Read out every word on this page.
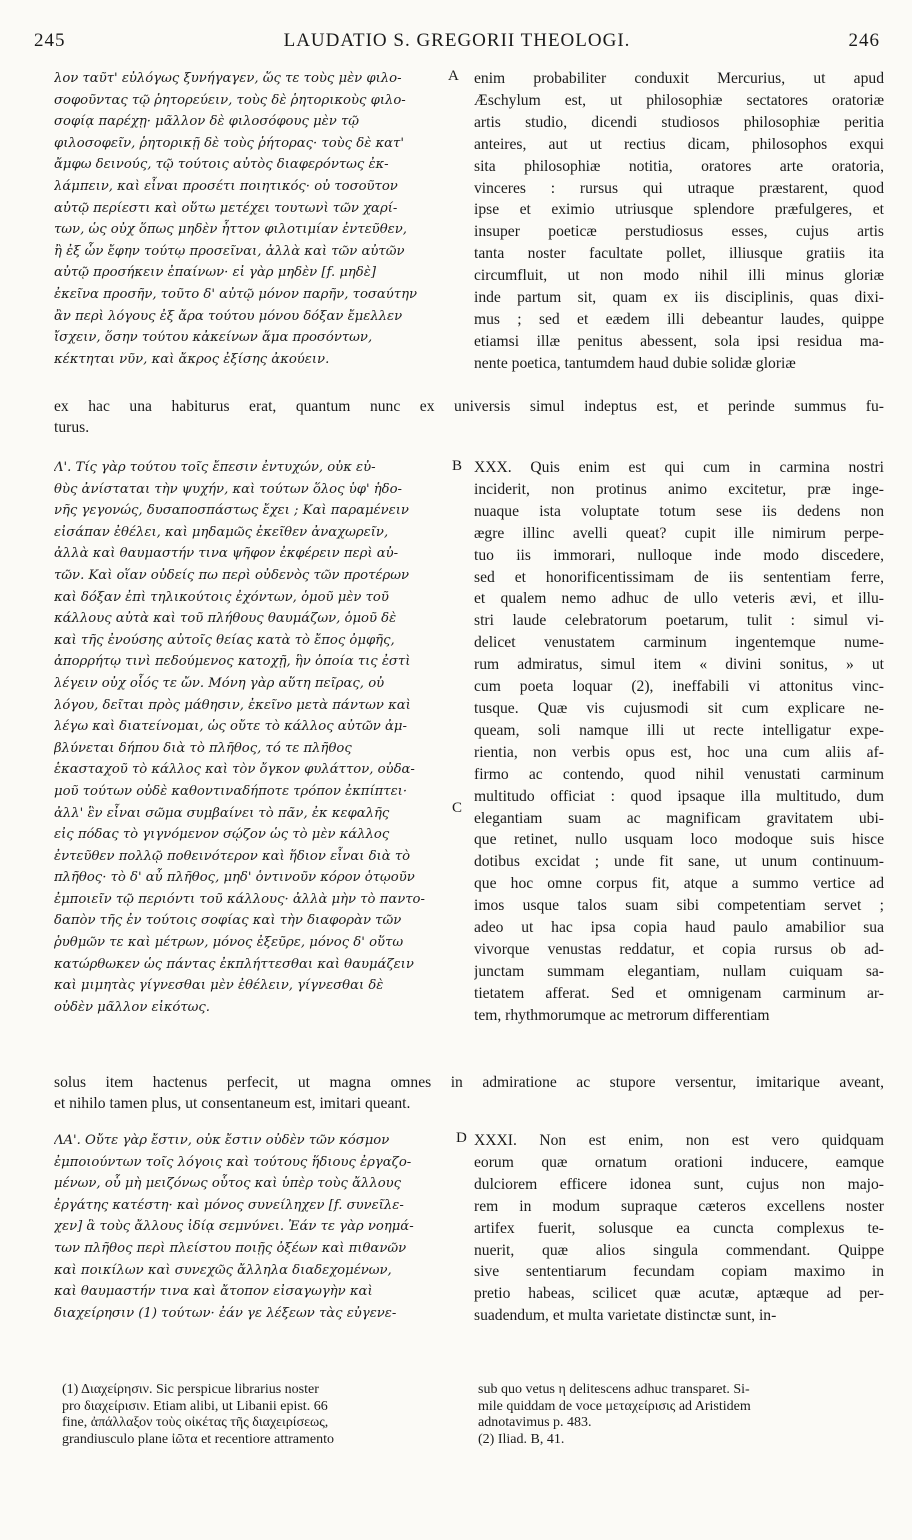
245	LAUDATIO S. GREGORII THEOLOGI.	246
λον ταῦτ' εὐλόγως ξυνήγαγεν, ὥς τε τοὺς μὲν φιλο-
σοφοῦντας τῷ ῥητορεύειν, τοὺς δὲ ῥητορικοὺς φιλο-
σοφίᾳ παρέχῃ· μᾶλλον δὲ φιλοσόφους μὲν τῷ
φιλοσοφεῖν, ῥητορικῇ δὲ τοὺς ῥήτορας· τοὺς δὲ κατ'
ἄμφω δεινούς, τῷ τούτοις αὐτὸς διαφερόντως ἐκ-
λάμπειν, καὶ εἶναι προσέτι ποιητικός· οὐ τοσοῦτον
αὐτῷ περίεστι καὶ οὕτω μετέχει τουτωνὶ τῶν χαρί-
των, ὡς οὐχ ὅπως μηδὲν ἧττον φιλοτιμίαν ἐντεῦθεν,
ἢ ἐξ ὧν ἔφην τούτῳ προσεῖναι, ἀλλὰ καὶ τῶν αὐτῶν
αὐτῷ προσήκειν ἐπαίνων· εἰ γὰρ μηδὲν [f. μηδὲ]
ἐκεῖνα προσῆν, τοῦτο δ' αὐτῷ μόνον παρῆν, τοσαύτην
ἂν περὶ λόγους ἐξ ἄρα τούτου μόνου δόξαν ἔμελλεν
ἴσχειν, ὅσην τούτου κἀκείνων ἅμα προσόντων,
κέκτηται νῦν, καὶ ἄκρος ἐξίσης ἀκούειν.
A enim probabiliter conduxit Mercurius, ut apud
Æschylum est, ut philosophiæ sectatores oratoriæ
artis studio, dicendi studiosos philosophiæ peritia
anteires, aut ut rectius dicam, philosophos exqui
sita philosophiæ notitia, oratores arte oratoria,
vinceres : rursus qui utraque præstarent, quod
ipse et eximio utriusque splendore præfulgeres, et
insuper poeticæ perstudiosus esses, cujus artis
tanta noster facultate pollet, illiusque gratiis ita
circumfluit, ut non modo nihil illi minus gloriæ
inde partum sit, quam ex iis disciplinis, quas dixi-
mus ; sed et eædem illi debeantur laudes, quippe
etiamsi illæ penitus abessent, sola ipsi residua ma-
nente poetica, tantumdem haud dubie solidæ gloriæ
ex hac una habiturus erat, quantum nunc ex universis simul indeptus est, et perinde summus fu-
turus.
Λ'. Τίς γὰρ τούτου τοῖς ἔπεσιν ἐντυχών, οὐκ εὐ-
θὺς ἀνίσταται τὴν ψυχήν, καὶ τούτων ὅλος ὑφ' ἡδο-
νῆς γεγονώς, δυσαποσπάστως ἔχει ; Καὶ παραμένειν
εἰσάπαν ἐθέλει, καὶ μηδαμῶς ἐκεῖθεν ἀναχωρεῖν,
ἀλλὰ καὶ θαυμαστήν τινα ψῆφον ἐκφέρειν περὶ αὐ-
τῶν. Καὶ οἵαν οὐδείς πω περὶ οὐδενὸς τῶν προτέρων
καὶ δόξαν ἐπὶ τηλικούτοις ἐχόντων, ὁμοῦ μὲν τοῦ
κάλλους αὐτὰ καὶ τοῦ πλήθους θαυμάζων, ὁμοῦ δὲ
καὶ τῆς ἐνούσης αὐτοῖς θείας κατὰ τὸ ἔπος ὀμφῆς,
ἀπορρήτῳ τινὶ πεδούμενος κατοχῇ, ἣν ὁποία τις ἐστὶ
λέγειν οὐχ οἷός τε ὤν. Μόνη γὰρ αὕτη πεῖρας, οὐ
λόγου, δεῖται πρὸς μάθησιν, ἐκεῖνο μετὰ πάντων καὶ
λέγω καὶ διατείνομαι, ὡς οὔτε τὸ κάλλος αὐτῶν ἀμ-
βλύνεται δήπου διὰ τὸ πλῆθος, τό τε πλῆθος
ἑκασταχοῦ τὸ κάλλος καὶ τὸν ὄγκον φυλάττον, οὐδα-
μοῦ τούτων οὐδὲ καθοντιναδήποτε τρόπον ἐκπίπτει·
ἀλλ' ἓν εἶναι σῶμα συμβαίνει τὸ πᾶν, ἐκ κεφαλῆς
εἰς πόδας τὸ γιγνόμενον σῴζον ὡς τὸ μὲν κάλλος
ἐντεῦθεν πολλῷ ποθεινότερον καὶ ἥδιον εἶναι διὰ τὸ
πλῆθος· τὸ δ' αὖ πλῆθος, μηδ' ὁντινοῦν κόρον ὁτῳοῦν
ἐμποιεῖν τῷ περιόντι τοῦ κάλλους· ἀλλὰ μὴν τὸ παντο-
δαπὸν τῆς ἐν τούτοις σοφίας καὶ τὴν διαφορὰν τῶν
ῥυθμῶν τε καὶ μέτρων, μόνος ἐξεῦρε, μόνος δ' οὕτω
κατώρθωκεν ὡς πάντας ἐκπλήττεσθαι καὶ θαυμάζειν
καὶ μιμητὰς γίγνεσθαι μὲν ἐθέλειν, γίγνεσθαι δὲ
οὐδὲν μᾶλλον εἰκότως.
B
C
XXX. Quis enim est qui cum in carmina nostri
inciderit, non protinus animo excitetur, præ inge-
nuaque ista voluptate totum sese iis dedens non
ægre illinc avelli queat? cupit ille nimirum perpe-
tuo iis immorari, nulloque inde modo discedere,
sed et honorificentissimam de iis sententiam ferre,
et qualem nemo adhuc de ullo veteris ævi, et illu-
stri laude celebratorum poetarum, tulit : simul vi-
delicet venustatem carminum ingentemque nume-
rum admiratus, simul item « divini sonitus, » ut
cum poeta loquar (2), ineffabili vi attonitus vinc-
tusque. Quæ vis cujusmodi sit cum explicare ne-
queam, soli namque illi ut recte intelligatur expe-
rientia, non verbis opus est, hoc una cum aliis af-
firmo ac contendo, quod nihil venustati carminum
multitudo officiat : quod ipsaque illa multitudo, dum
elegantiam suam ac magnificam gravitatem ubi-
que retinet, nullo usquam loco modoque suis hisce
dotibus excidat ; unde fit sane, ut unum continuum-
que hoc omne corpus fit, atque a summo vertice ad
imos usque talos suam sibi competentiam servet ;
adeo ut hac ipsa copia haud paulo amabilior sua
vivorque venustas reddatur, et copia rursus ob ad-
junctam summam elegantiam, nullam cuiquam sa-
tietatem afferat. Sed et omnigenam carminum ar-
tem, rhythmorumque ac metrorum differentiam
solus item hactenus perfecit, ut magna omnes in admiratione ac stupore versentur, imitarique aveant,
et nihilo tamen plus, ut consentaneum est, imitari queant.
ΛΑ'. Οὔτε γὰρ ἔστιν, οὐκ ἔστιν οὐδὲν τῶν κόσμον
ἐμποιούντων τοῖς λόγοις καὶ τούτους ἥδιους ἐργαζο-
μένων, οὗ μὴ μειζόνως οὗτος καὶ ὑπὲρ τοὺς ἄλλους
ἐργάτης κατέστη· καὶ μόνος συνείληχεν [f. συνεῖλε-
χεν] ἃ τοὺς ἄλλους ἰδίᾳ σεμνύνει. Ἐάν τε γὰρ νοημά-
των πλῆθος περὶ πλείστου ποιῇς ὀξέων καὶ πιθανῶν
καὶ ποικίλων καὶ συνεχῶς ἄλληλα διαδεχομένων,
καὶ θαυμαστήν τινα καὶ ἄτοπον εἰσαγωγὴν καὶ
διαχείρησιν (1) τούτων· ἐάν γε λέξεων τὰς εὐγενε-
D XXXI. Non est enim, non est vero quidquam
eorum quæ ornatum orationi inducere, eamque
dulciorem efficere idonea sunt, cujus non majo-
rem in modum supraque cæteros excellens noster
artifex fuerit, solusque ea cuncta complexus te-
nuerit, quæ alios singula commendant. Quippe
sive sententiarum fecundam copiam maximo in
pretio habeas, scilicet quæ acutæ, aptæque ad per-
suadendum, et multa varietate distinctæ sunt, in-
(1) Διαχείρησιν. Sic perspicue librarius noster
pro διαχείρισιν. Etiam alibi, ut Libanii epist. 66
fine, ἀπάλλαξον τοὺς οἰκέτας τῆς διαχειρίσεως,
grandiusculo plane ἰῶτα et recentiore attramento
sub quo vetus η delitescens adhuc transparet. Si-
mile quiddam de voce μεταχείρισις ad Aristidem
adnotavimus p. 483.
(2) Iliad. B, 41.
